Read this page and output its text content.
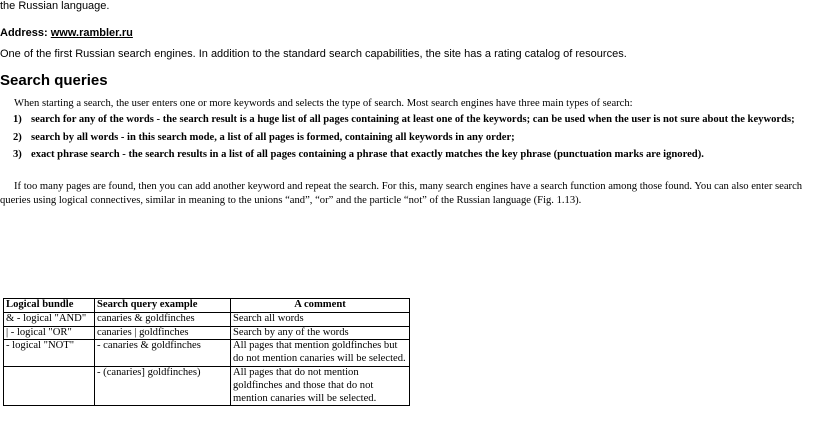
the Russian language.

Address: www.rambler.ru

One of the first Russian search engines. In addition to the standard search capabilities, the site has a rating catalog of resources.

Search queries

When starting a search, the user enters one or more keywords and selects the type of search. Most search engines have three main types of search:

1) search for any of the words - the search result is a huge list of all pages containing at least one of the keywords; can be used when the user is not sure about the keywords;
2) search by all words - in this search mode, a list of all pages is formed, containing all keywords in any order;
3) exact phrase search - the search results in a list of all pages containing a phrase that exactly matches the key phrase (punctuation marks are ignored).

If too many pages are found, then you can add another keyword and repeat the search. For this, many search engines have a search function among those found. You can also enter search queries using logical connectives, similar in meaning to the unions “and”, “or” and the particle “not” of the Russian language (Fig. 1.13).

Logical bundle	Search query example	A comment
& - logical "AND"	canaries & goldfinches	Search all words
| - logical "OR"	canaries | goldfinches	Search by any of the words
- logical "NOT"	- canaries & goldfinches	All pages that mention goldfinches but do not mention canaries will be selected.
	- (canaries] goldfinches)	All pages that do not mention goldfinches and those that do not mention canaries will be selected.
